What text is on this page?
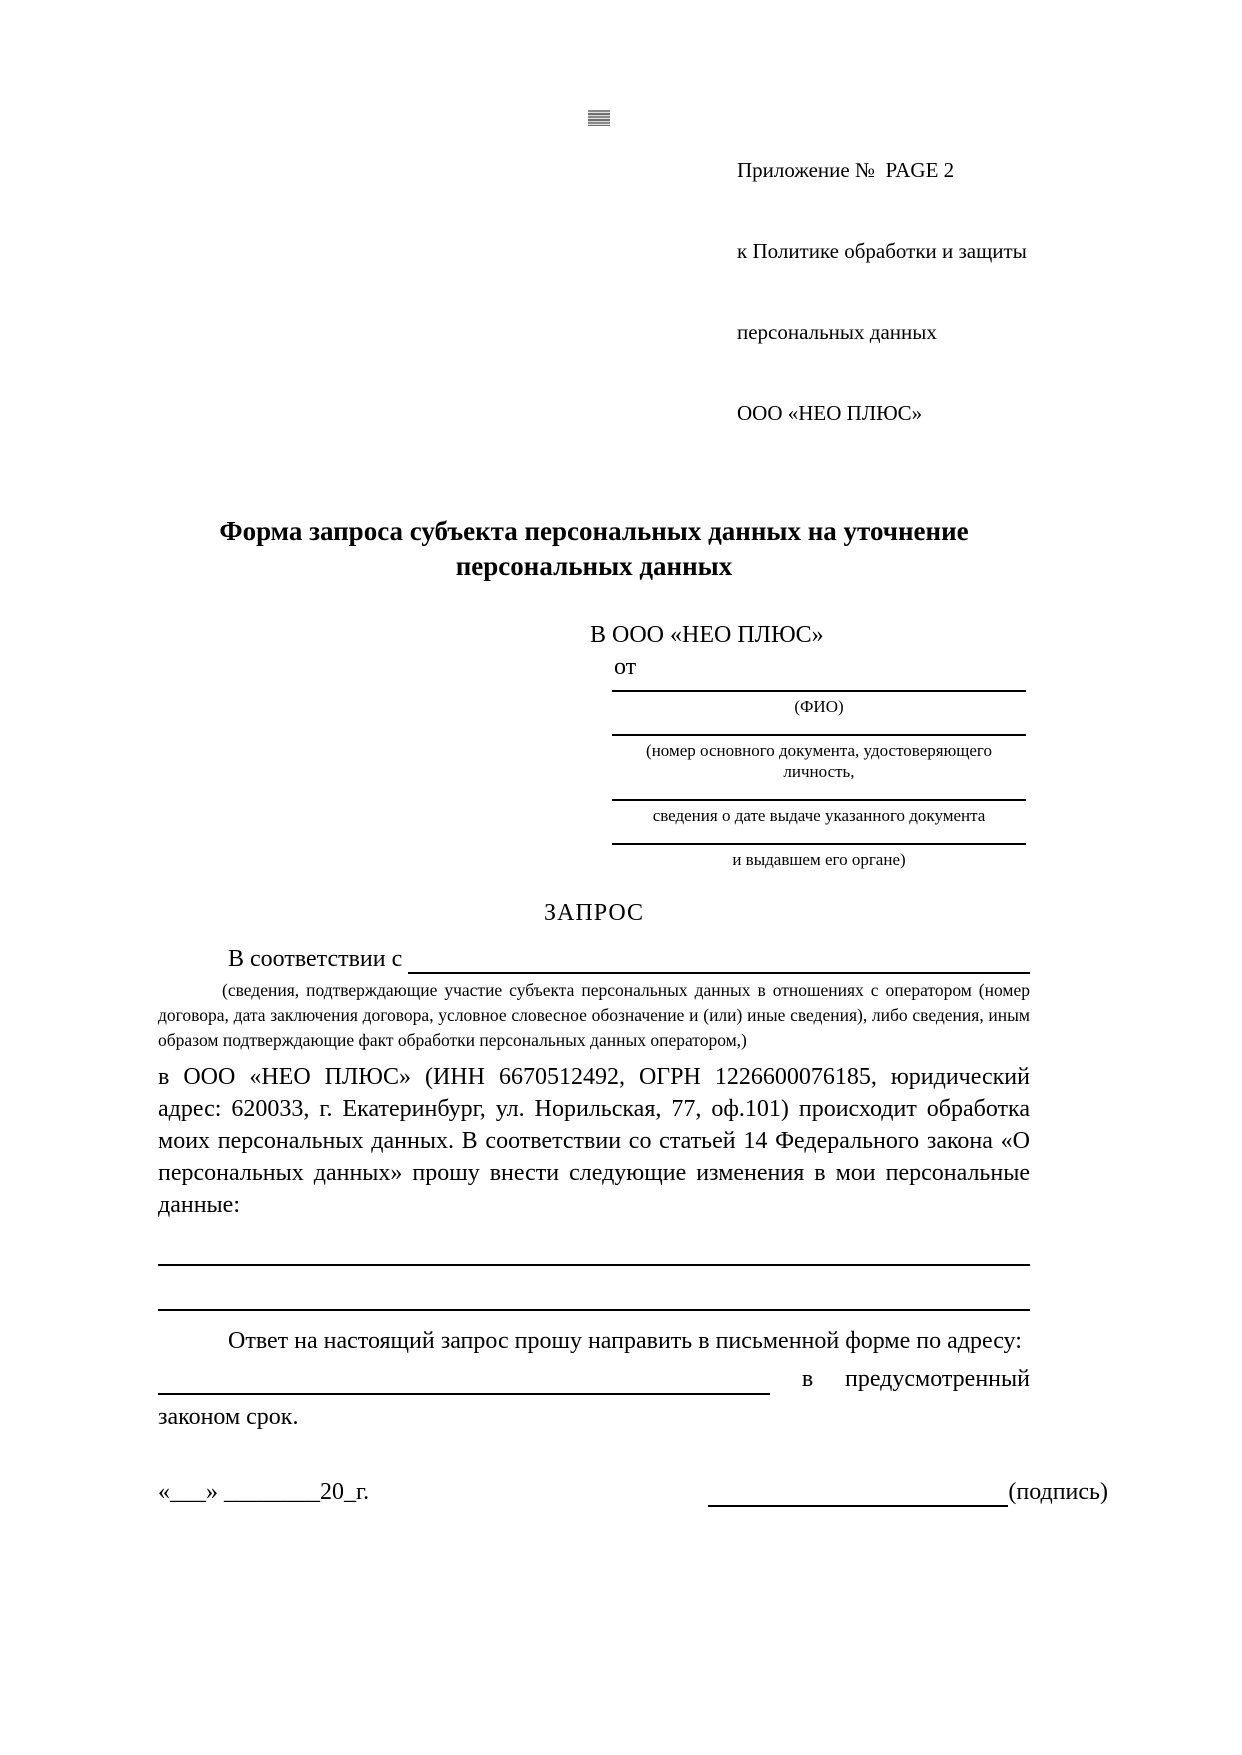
Приложение №  PAGE 2

к Политике обработки и защиты

персональных данных

ООО «НЕО ПЛЮС»

Форма запроса субъекта персональных данных на уточнение
персональных данных
В ООО «НЕО ПЛЮС»
от
(ФИО)
(номер основного документа, удостоверяющего личность,
сведения о дате выдаче указанного документа
и выдавшем его органе)
ЗАПРОС
В соответствии с

(сведения, подтверждающие участие субъекта персональных данных в отношениях с оператором (номер договора, дата заключения договора, условное словесное обозначение и (или) иные сведения), либо сведения, иным образом подтверждающие факт обработки персональных данных оператором,)

в ООО «НЕО ПЛЮС» (ИНН 6670512492, ОГРН 1226600076185, юридический адрес: 620033, г. Екатеринбург, ул. Норильская, 77, оф.101) происходит обработка моих персональных данных. В соответствии со статьей 14 Федерального закона «О персональных данных» прошу внести следующие изменения в мои персональные данные:

Ответ на настоящий запрос прошу направить в письменной форме по адресу:

в предусмотренный

законом срок.

«___» ________20_г.	(подпись)
